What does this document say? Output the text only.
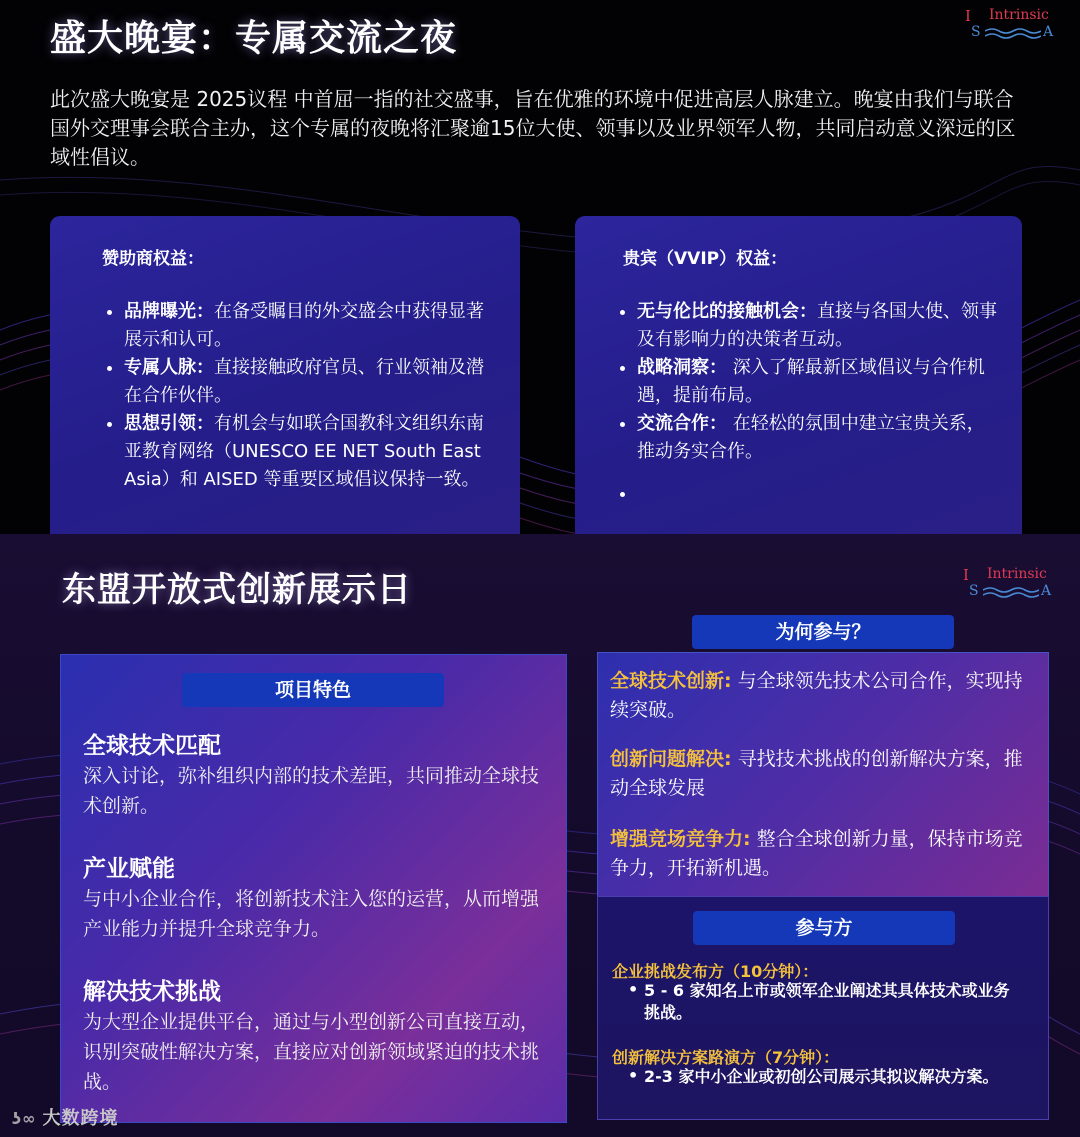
盛大晚宴：专属交流之夜
I Intrinsic
S	A
此次盛大晚宴是 2025议程 中首屈一指的社交盛事，旨在优雅的环境中促进高层人脉建立。晚宴由我们与联合国外交理事会联合主办，这个专属的夜晚将汇聚逾15位大使、领事以及业界领军人物，共同启动意义深远的区域性倡议。
赞助商权益：
• 品牌曝光：在备受瞩目的外交盛会中获得显著展示和认可。
• 专属人脉：直接接触政府官员、行业领袖及潜在合作伙伴。
• 思想引领：有机会与如联合国教科文组织东南亚教育网络（UNESCO EE NET South East Asia）和 AISED 等重要区域倡议保持一致。
贵宾（VVIP）权益：
• 无与伦比的接触机会：直接与各国大使、领事及有影响力的决策者互动。
• 战略洞察： 深入了解最新区域倡议与合作机遇，提前布局。
• 交流合作： 在轻松的氛围中建立宝贵关系，推动务实合作。
•
东盟开放式创新展示日	I Intrinsic
S	A
项目特色
全球技术匹配
深入讨论，弥补组织内部的技术差距，共同推动全球技术创新。
产业赋能
与中小企业合作，将创新技术注入您的运营，从而增强产业能力并提升全球竞争力。
解决技术挑战
为大型企业提供平台，通过与小型创新公司直接互动，识别突破性解决方案，直接应对创新领域紧迫的技术挑战。
为何参与？
全球技术创新: 与全球领先技术公司合作，实现持续突破。
创新问题解决: 寻找技术挑战的创新解决方案，推动全球发展
增强竞场竞争力: 整合全球创新力量，保持市场竞争力，开拓新机遇。
参与方
企业挑战发布方（10分钟）：
• 5 - 6 家知名上市或领军企业阐述其具体技术或业务挑战。
创新解决方案路演方（7分钟）：
• 2-3 家中小企业或初创公司展示其拟议解决方案。
ʖ∞ 大数跨境
